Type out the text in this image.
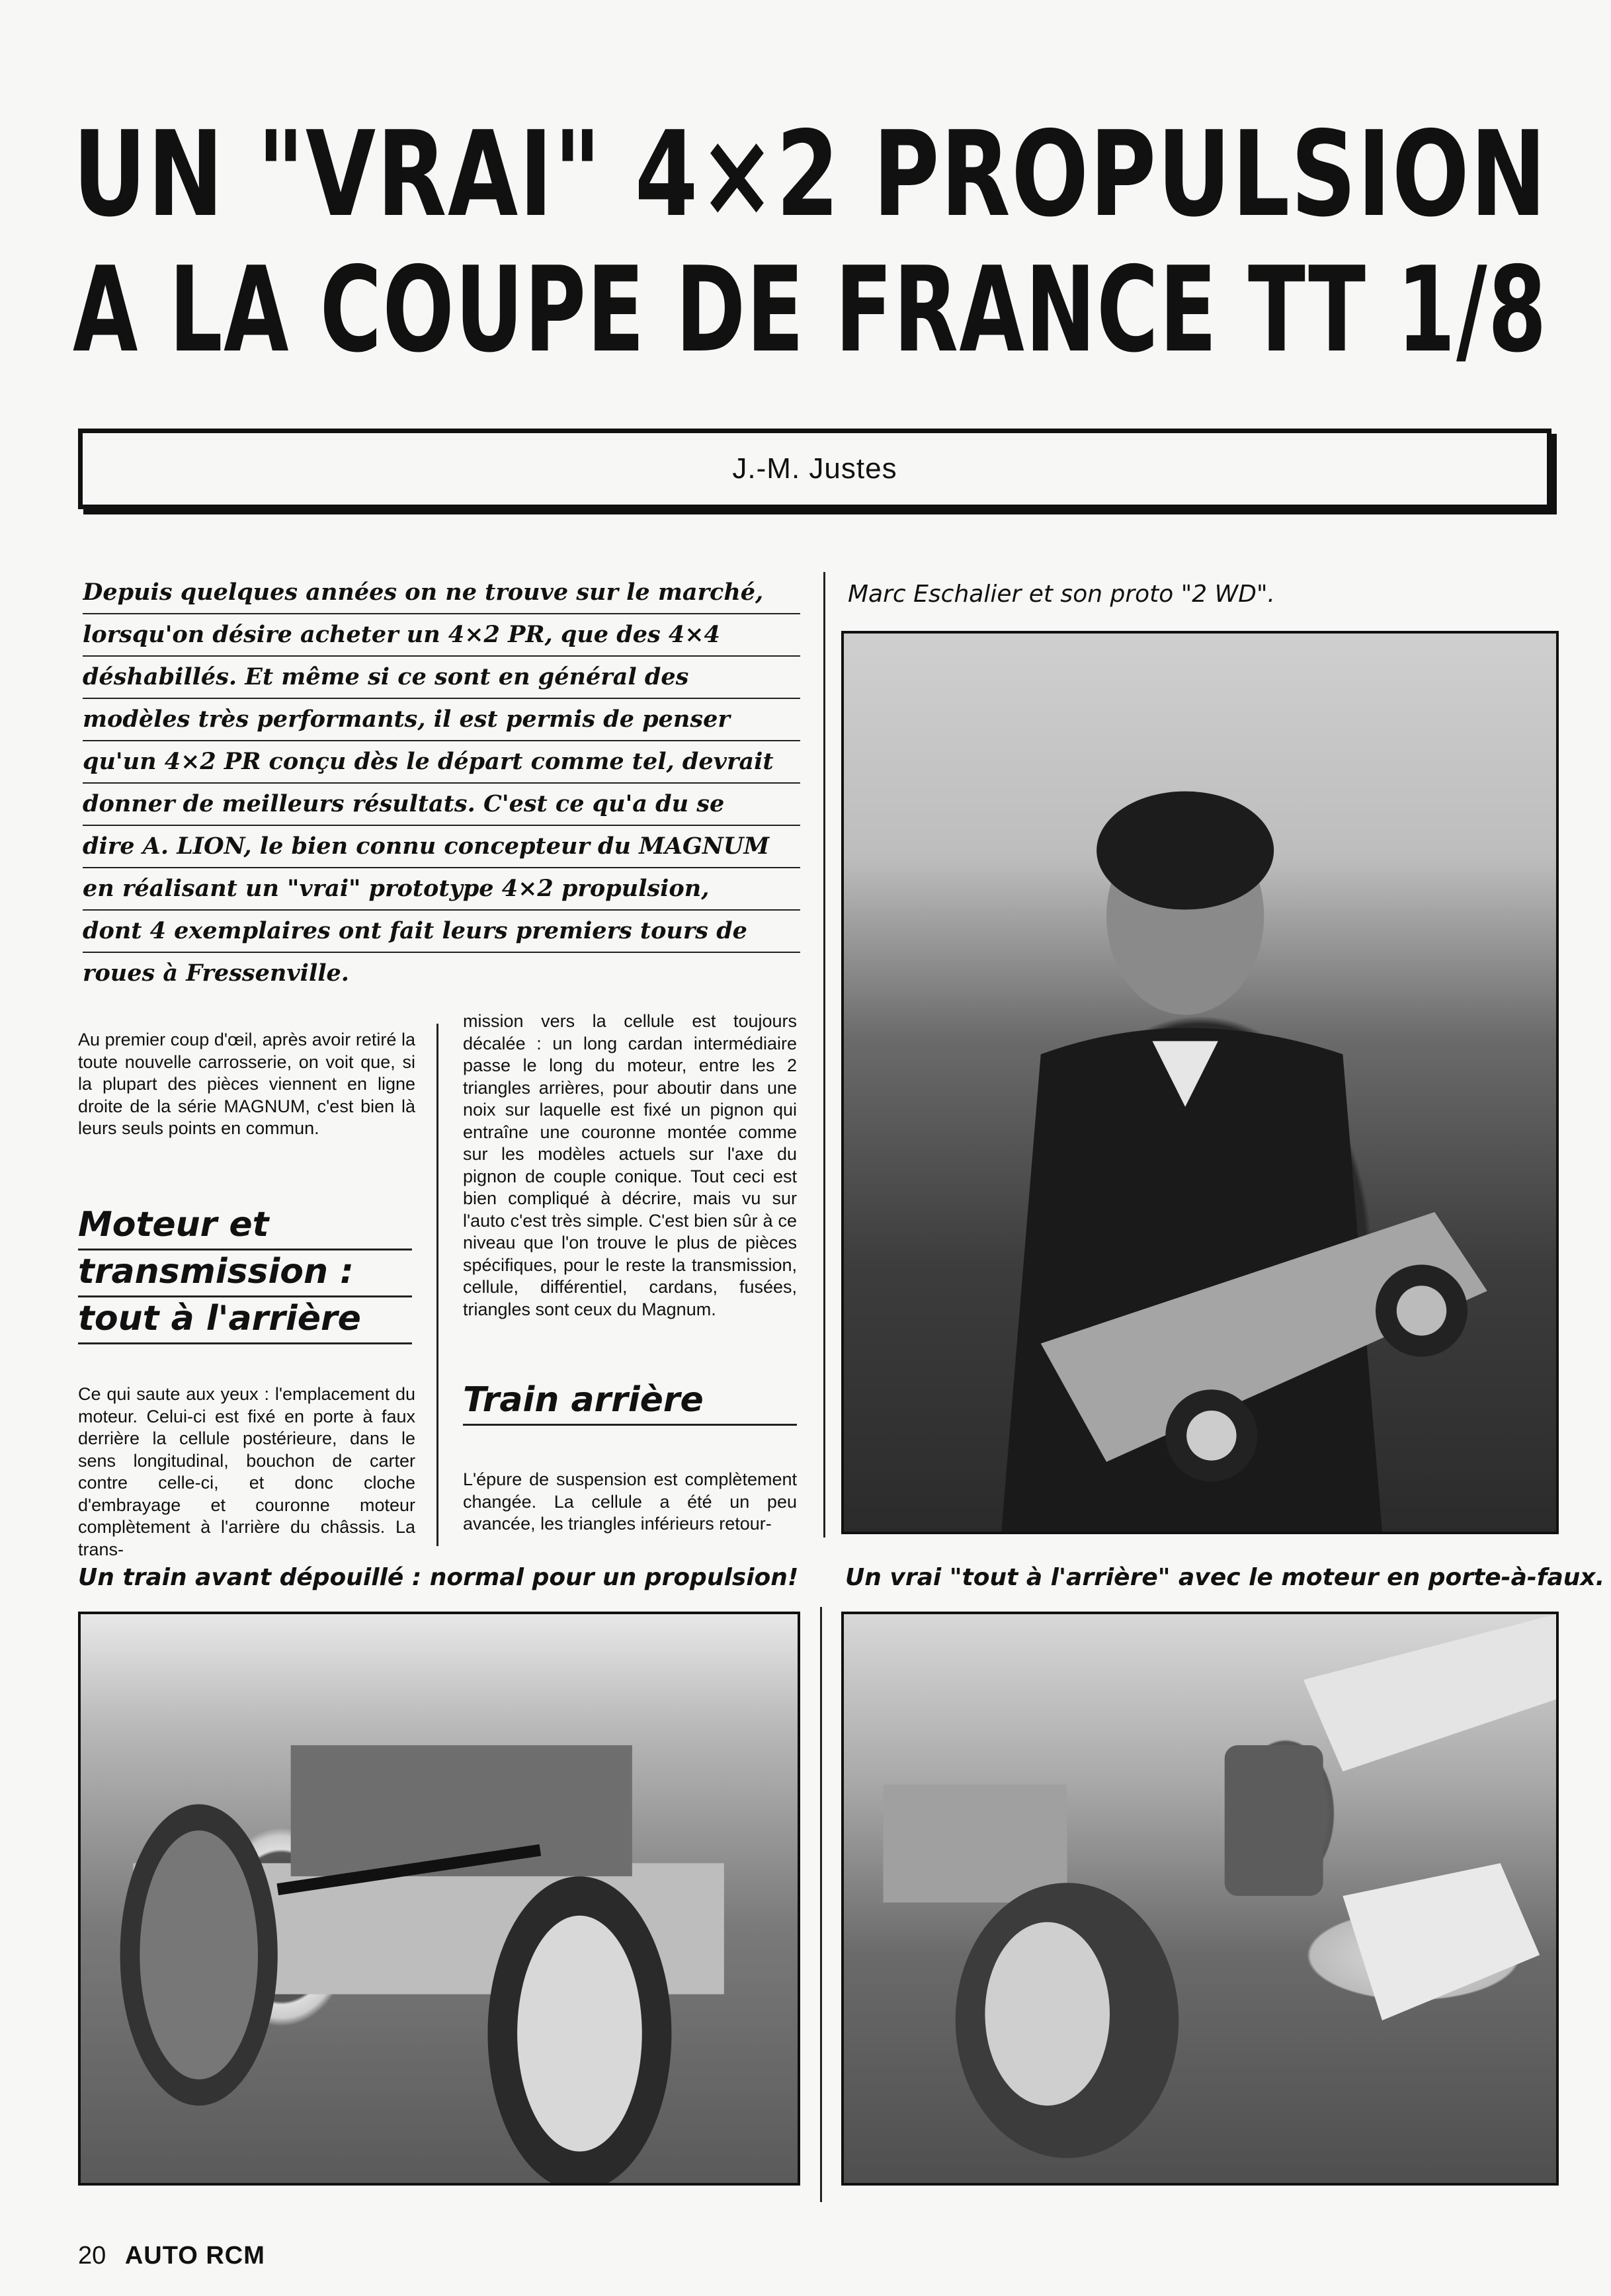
UN "VRAI" 4×2 PROPULSION
A LA COUPE DE FRANCE TT 1/8
J.-M. Justes
Depuis quelques années on ne trouve sur le marché,
lorsqu'on désire acheter un 4×2 PR, que des 4×4
déshabillés. Et même si ce sont en général des
modèles très performants, il est permis de penser
qu'un 4×2 PR conçu dès le départ comme tel, devrait
donner de meilleurs résultats. C'est ce qu'a du se
dire A. LION, le bien connu concepteur du MAGNUM
en réalisant un "vrai" prototype 4×2 propulsion,
dont 4 exemplaires ont fait leurs premiers tours de
roues à Fressenville.

Au premier coup d'œil, après avoir retiré la toute nouvelle carrosserie, on voit que, si la plupart des pièces viennent en ligne droite de la série MAGNUM, c'est bien là leurs seuls points en commun.

Moteur et
transmission :
tout à l'arrière

Ce qui saute aux yeux : l'emplacement du moteur. Celui-ci est fixé en porte à faux derrière la cellule postérieure, dans le sens longitudinal, bouchon de carter contre celle-ci, et donc cloche d'embrayage et couronne moteur complètement à l'arrière du châssis. La trans-

mission vers la cellule est toujours décalée : un long cardan intermédiaire passe le long du moteur, entre les 2 triangles arrières, pour aboutir dans une noix sur laquelle est fixé un pignon qui entraîne une couronne montée comme sur les modèles actuels sur l'axe du pignon de couple conique. Tout ceci est bien compliqué à décrire, mais vu sur l'auto c'est très simple. C'est bien sûr à ce niveau que l'on trouve le plus de pièces spécifiques, pour le reste la transmission, cellule, différentiel, cardans, fusées, triangles sont ceux du Magnum.

Train arrière

L'épure de suspension est complètement changée. La cellule a été un peu avancée, les triangles inférieurs retour-

Marc Eschalier et son proto "2 WD".
Un train avant dépouillé : normal pour un propulsion! Un vrai "tout à l'arrière" avec le moteur en porte-à-faux.
20 AUTO RCM
